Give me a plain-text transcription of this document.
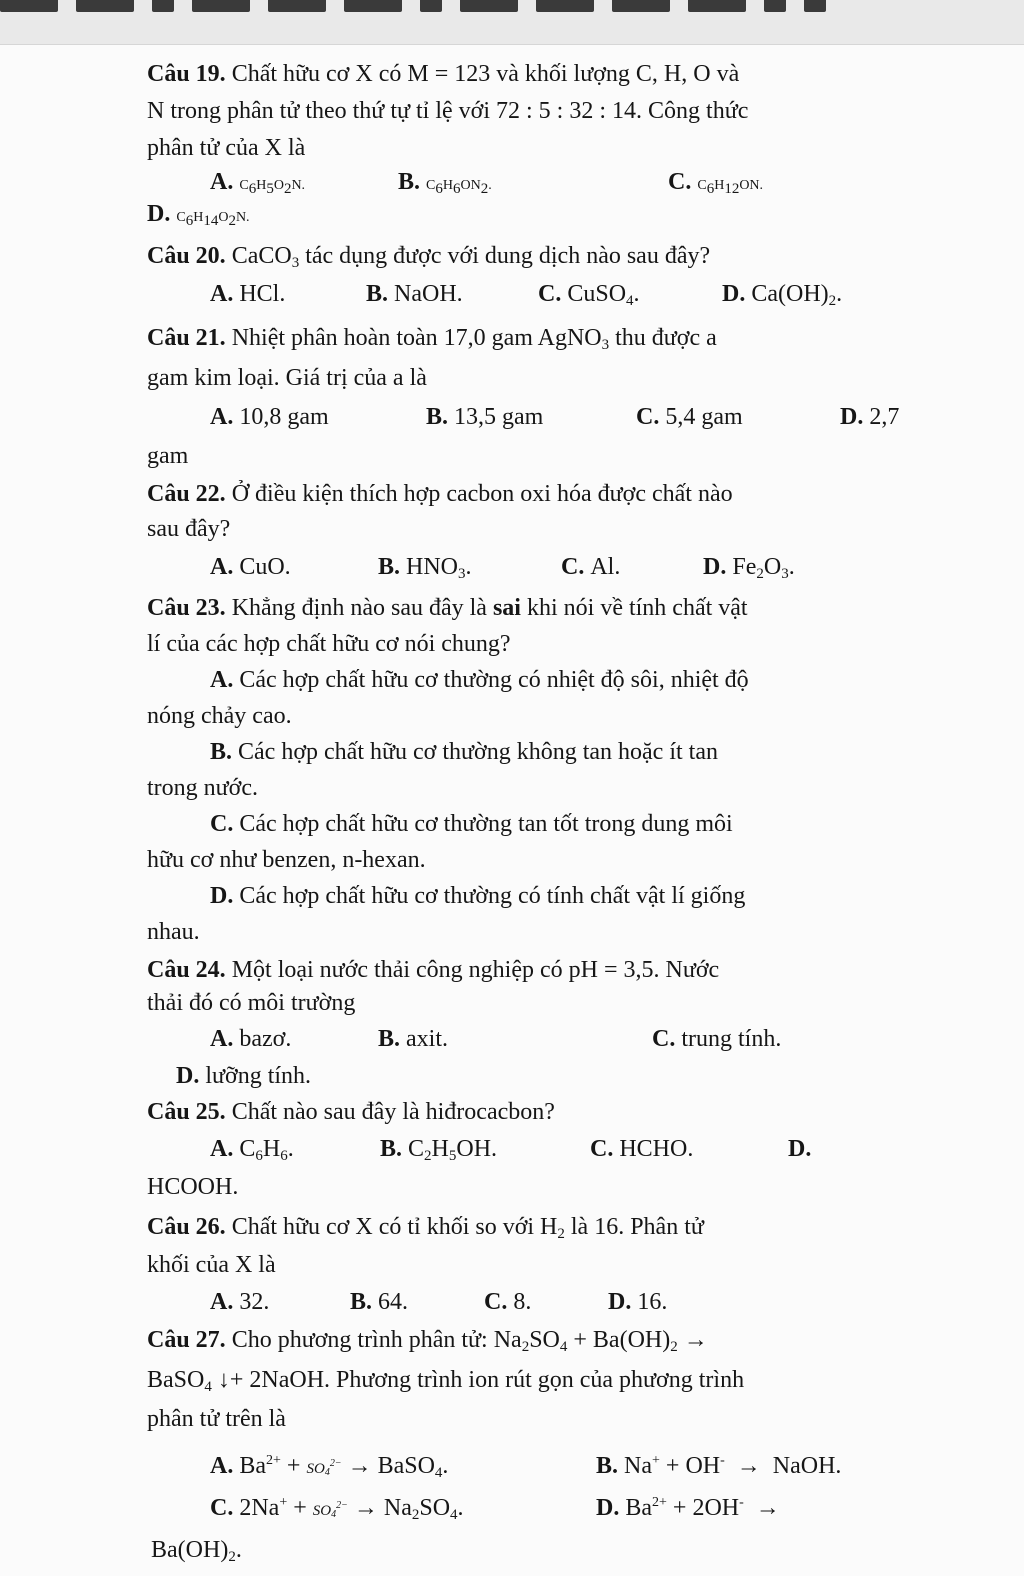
Câu 19. Chất hữu cơ X có M = 123 và khối lượng C, H, O và
N trong phân tử theo thứ tự tỉ lệ với 72 : 5 : 32 : 14. Công thức
phân tử của X là
A. $C_6H_5O_2N$.	B. $C_6H_6ON_2$.	C. $C_6H_{12}ON$.
D. $C_6H_{14}O_2N$.
Câu 20. CaCO$_3$ tác dụng được với dung dịch nào sau đây?
A. HCl.	B. NaOH.	C. CuSO$_4$.	D. $Ca(OH)_2$.
Câu 21. Nhiệt phân hoàn toàn 17,0 gam AgNO$_3$ thu được a
gam kim loại. Giá trị của a là
A. 10,8 gam	B. 13,5 gam	C. 5,4 gam	D. 2,7
gam
Câu 22. Ở điều kiện thích hợp cacbon oxi hóa được chất nào
sau đây?
A. CuO.	B. $HNO_3$.	C. Al.	D. $Fe_2O_3$.
Câu 23. Khẳng định nào sau đây là sai khi nói về tính chất vật
lí của các hợp chất hữu cơ nói chung?
A. Các hợp chất hữu cơ thường có nhiệt độ sôi, nhiệt độ
nóng chảy cao.
B. Các hợp chất hữu cơ thường không tan hoặc ít tan
trong nước.
C. Các hợp chất hữu cơ thường tan tốt trong dung môi
hữu cơ như benzen, n-hexan.
D. Các hợp chất hữu cơ thường có tính chất vật lí giống
nhau.
Câu 24. Một loại nước thải công nghiệp có pH = 3,5. Nước
thải đó có môi trường
A. bazơ.	B. axit.	C. trung tính.
D. lưỡng tính.
Câu 25. Chất nào sau đây là hiđrocacbon?
A. $C_6H_6$.	B. $C_2H_5OH$.	C. HCHO.	D.
HCOOH.
Câu 26. Chất hữu cơ X có tỉ khối so với $H_2$ là 16. Phân tử
khối của X là
A. 32.	B. 64.	C. 8.	D. 16.
Câu 27. Cho phương trình phân tử: $Na_2SO_4 + Ba(OH)_2$ →
BaSO$_4$ ↓+ 2NaOH. Phương trình ion rút gọn của phương trình
phân tử trên là
A. $Ba^{2+} + SO_4^{2-}$ → BaSO$_4$.	B. Na+ + OH-  →  NaOH.
C. $2Na^+ + SO_4^{2-} \to Na_2SO_4$.	D. $Ba^{2+} + 2OH^-$  →
$Ba(OH)_2$.
